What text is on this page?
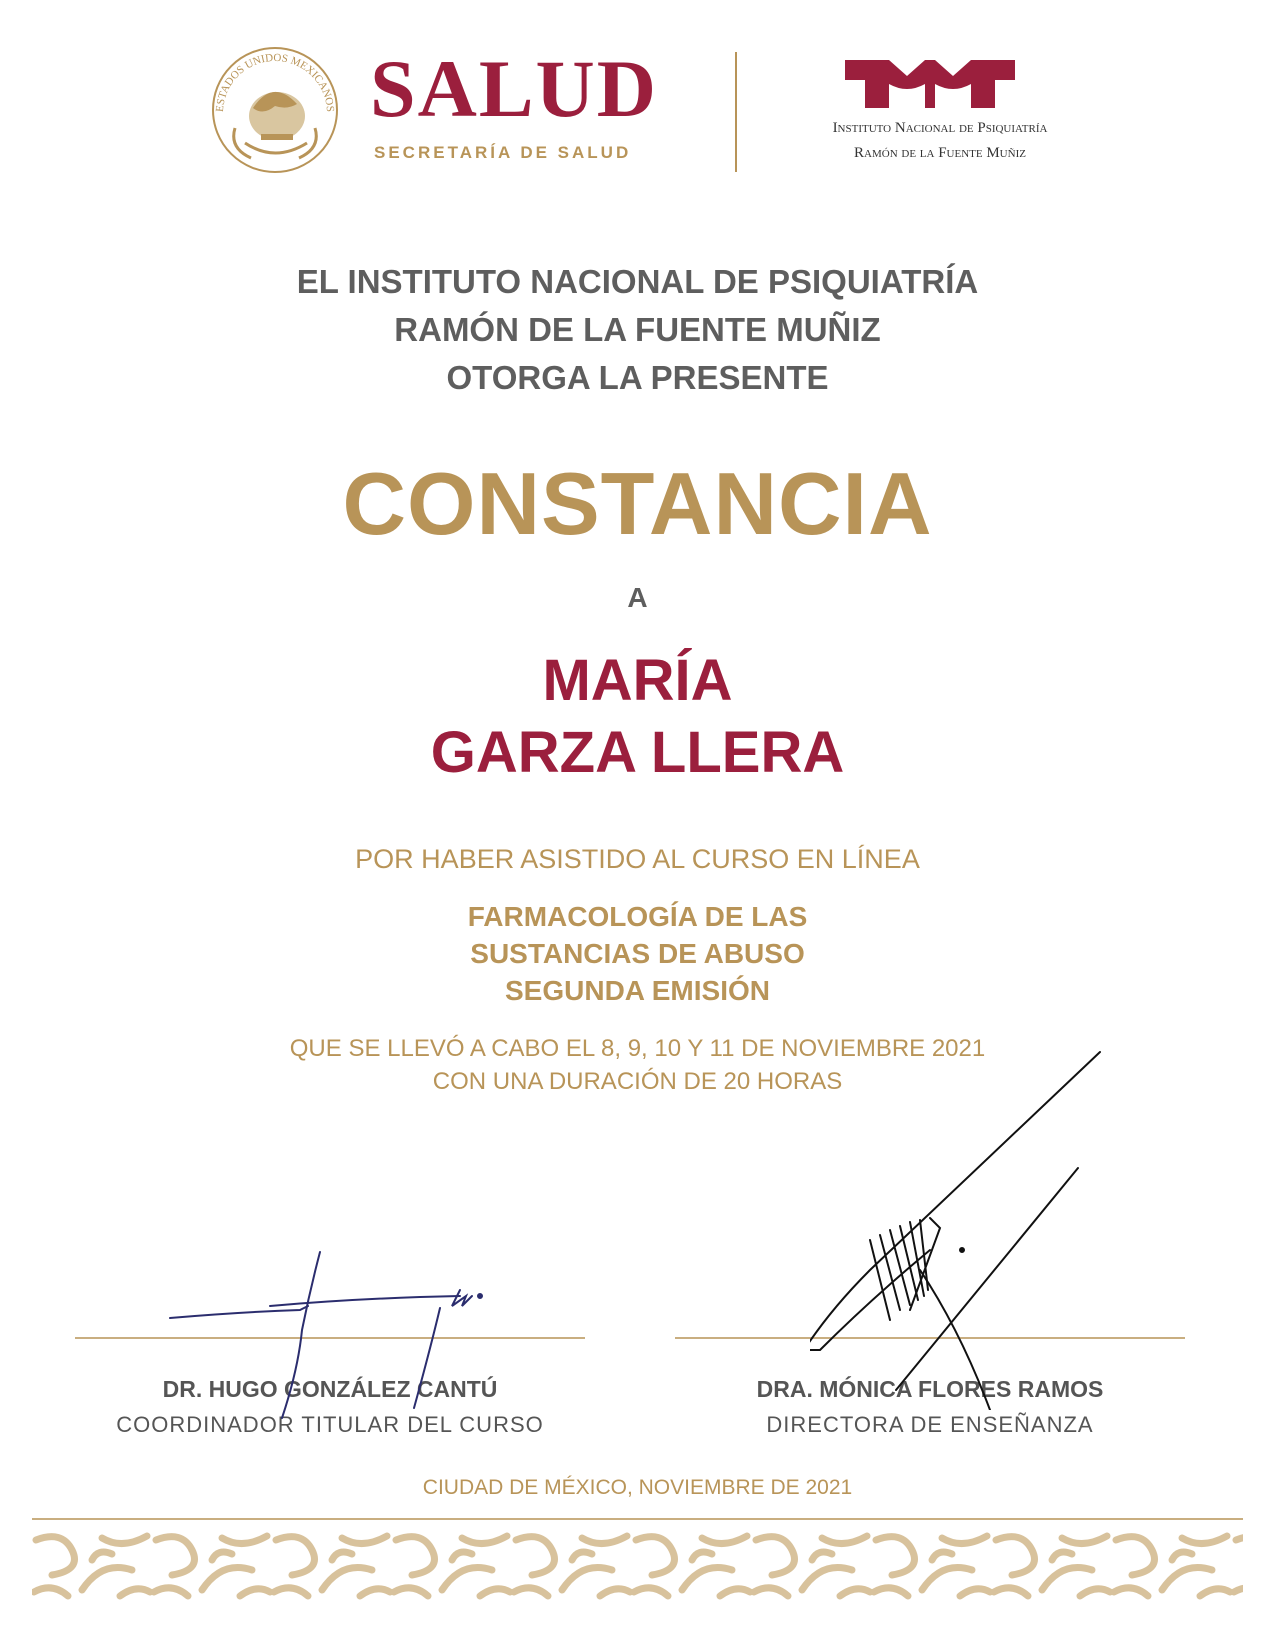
ESTADOS UNIDOS MEXICANOS SALUD
SECRETARÍA DE SALUD
Instituto Nacional de Psiquiatría
Ramón de la Fuente Muñiz
EL INSTITUTO NACIONAL DE PSIQUIATRÍA
RAMÓN DE LA FUENTE MUÑIZ
OTORGA LA PRESENTE
CONSTANCIA
A
MARÍA
GARZA LLERA
POR HABER ASISTIDO AL CURSO EN LÍNEA
FARMACOLOGÍA DE LAS
SUSTANCIAS DE ABUSO
SEGUNDA EMISIÓN
QUE SE LLEVÓ A CABO EL 8, 9, 10 Y 11 DE NOVIEMBRE 2021
CON UNA DURACIÓN DE 20 HORAS
DR. HUGO GONZÁLEZ CANTÚ
COORDINADOR TITULAR DEL CURSO
DRA. MÓNICA FLORES RAMOS
DIRECTORA DE ENSEÑANZA
CIUDAD DE MÉXICO, NOVIEMBRE DE 2021
